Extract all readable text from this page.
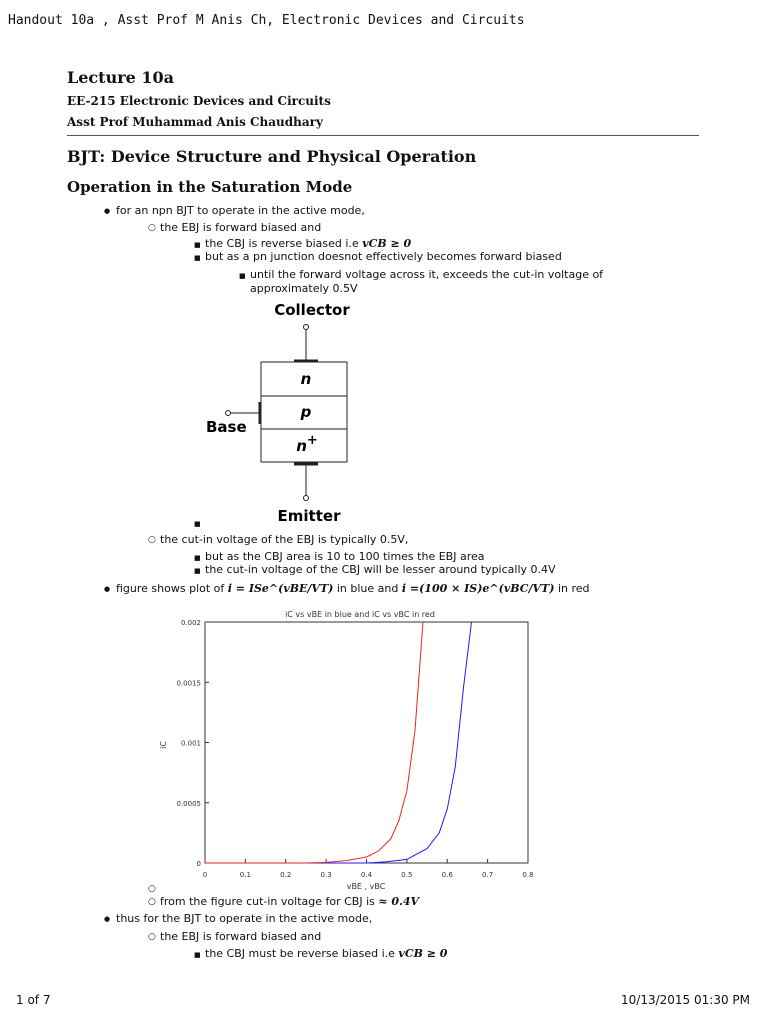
Handout 10a , Asst Prof M Anis Ch, Electronic Devices and Circuits
Lecture 10a
EE-215 Electronic Devices and Circuits
Asst Prof Muhammad Anis Chaudhary
BJT: Device Structure and Physical Operation
Operation in the Saturation Mode
● for an npn BJT to operate in the active mode,
○ the EBJ is forward biased and
■ the CBJ is reverse biased i.e vCB ≥ 0
■ but as a pn junction doesnot effectively becomes forward biased
■ until the forward voltage across it, exceeds the cut-in voltage of
approximately 0.5V
Collector
n
p
n+
Base
Emitter
○ the cut-in voltage of the EBJ is typically 0.5V,
■ but as the CBJ area is 10 to 100 times the EBJ area
■ the cut-in voltage of the CBJ will be lesser around typically 0.4V
● figure shows plot of i = ISe^(vBE/VT) in blue and i =(100 × IS)e^(vBC/VT) in red
iC vs vBE in blue and iC vs vBC in red
0	0.1	0.2	0.3	0.4	0.5	0.6	0.7	0.8
0
0.0005
0.001
0.0015
0.002
vBE , vBC
iC
○ from the figure cut-in voltage for CBJ is ≈ 0.4V
● thus for the BJT to operate in the active mode,
○ the EBJ is forward biased and
■ the CBJ must be reverse biased i.e vCB ≥ 0
1 of 7	10/13/2015 01:30 PM
